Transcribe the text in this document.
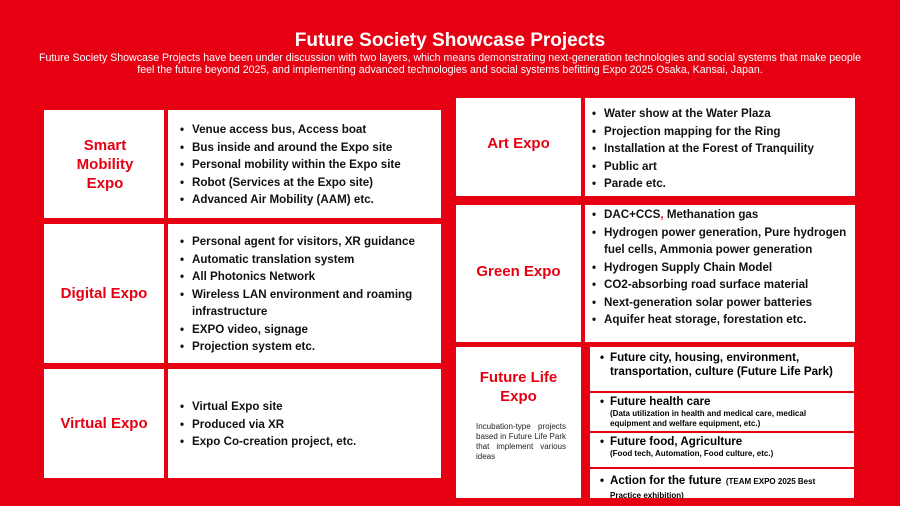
Future Society Showcase Projects
Future Society Showcase Projects have been under discussion with two layers, which means demonstrating next-generation technologies and social systems that make people feel the future beyond 2025, and implementing advanced technologies and social systems befitting Expo 2025 Osaka, Kansai, Japan.
Smart Mobility Expo
• Venue access bus, Access boat
• Bus inside and around the Expo site
• Personal mobility within the Expo site
• Robot (Services at the Expo site)
• Advanced Air Mobility (AAM) etc.
Digital Expo
• Personal agent for visitors, XR guidance
• Automatic translation system
• All Photonics Network
• Wireless LAN environment and roaming infrastructure
• EXPO video, signage
• Projection system etc.
Virtual Expo
• Virtual Expo site
• Produced via XR
• Expo Co-creation project, etc.
Art Expo
• Water show at the Water Plaza
• Projection mapping for the Ring
• Installation at the Forest of Tranquility
• Public art
• Parade etc.
Green Expo
• DAC+CCS, Methanation gas
• Hydrogen power generation, Pure hydrogen fuel cells, Ammonia power generation
• Hydrogen Supply Chain Model
• CO2-absorbing road surface material
• Next-generation solar power batteries
• Aquifer heat storage, forestation etc.
Future Life Expo
Incubation-type projects based in Future Life Park that implement various ideas
Future city, housing, environment, transportation, culture (Future Life Park)
•
• Future health care
(Data utilization in health and medical care, medical equipment and welfare equipment, etc.)
• Future food, Agriculture
(Food tech, Automation, Food culture, etc.)
• Action for the future (TEAM EXPO 2025 Best Practice exhibition)
